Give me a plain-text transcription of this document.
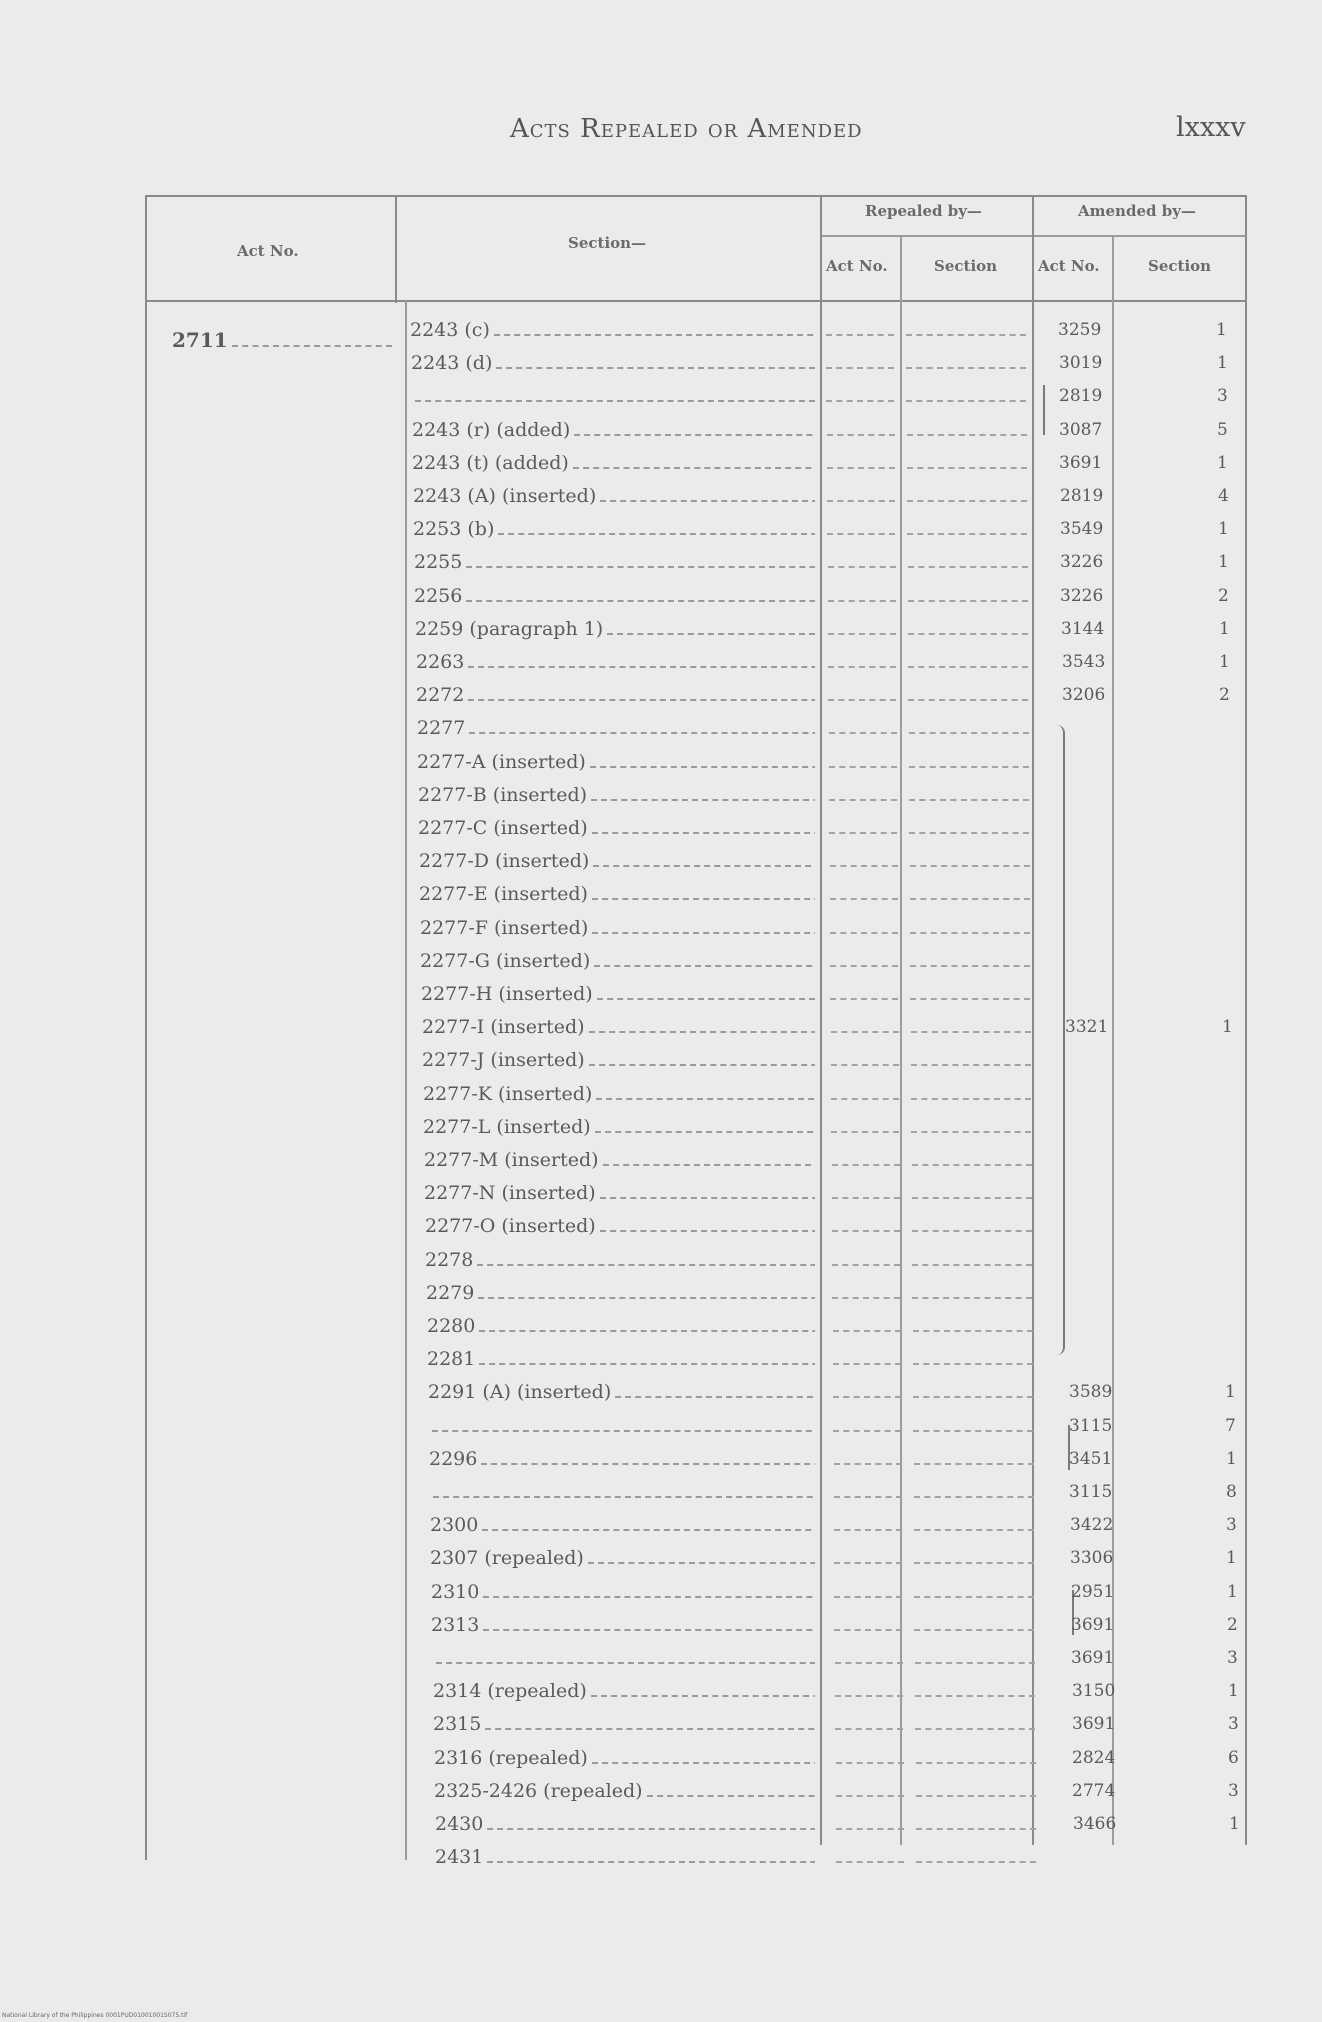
Acts Repealed or Amended	lxxxv
Act No.	Section—
Repealed by—	Amended by—
Act No.	Section	Act No.	Section
2711	2243 (c)	3259	1
2243 (d)	3019	1
2819	3
2243 (r) (added)	3087	5
2243 (t) (added)	3691	1
2243 (A) (inserted)	2819	4
2253 (b)	3549	1
2255	3226	1
2256	3226	2
2259 (paragraph 1)	3144	1
2263	3543	1
2272	3206	2
2277
2277-A (inserted)
2277-B (inserted)
2277-C (inserted)
2277-D (inserted)
2277-E (inserted)
2277-F (inserted)
2277-G (inserted)
2277-H (inserted)
2277-I (inserted)	3321	1
2277-J (inserted)
2277-K (inserted)
2277-L (inserted)
2277-M (inserted)
2277-N (inserted)
2277-O (inserted)
2278
2279
2280
2281
2291 (A) (inserted)	3589	1
3115	7
2296	3451	1
3115	8
2300	3422	3
2307 (repealed)	3306	1
2310	2951	1
2313	3691	2
3691	3
2314 (repealed)	3150	1
2315	3691	3
2316 (repealed)	2824	6
2325-2426 (repealed)	2774	3
2430	3466	1
2431
National Library of the Philippines 0001PUD01001001S075.tif
